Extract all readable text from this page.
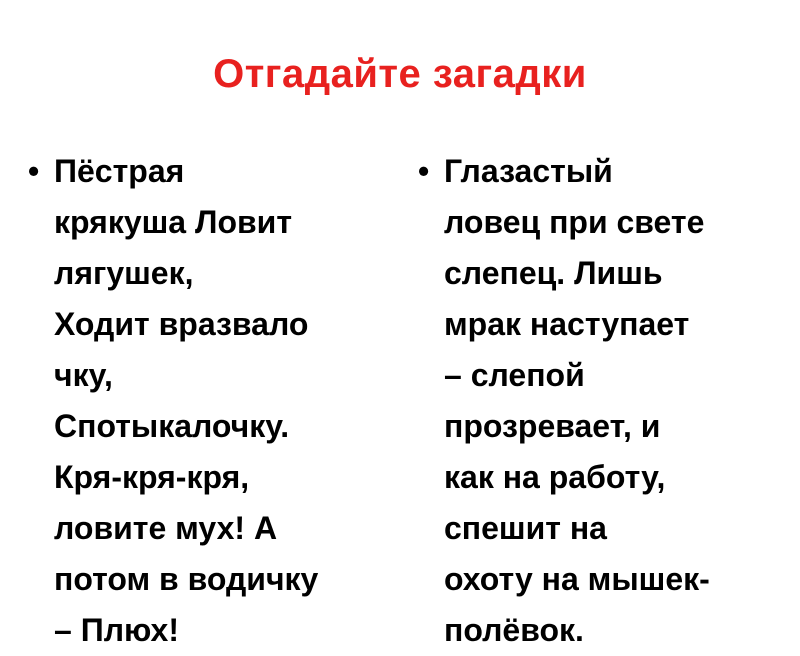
Отгадайте загадки
• Пёстрая
крякуша Ловит
лягушек,
Ходит вразвало
чку,
Спотыкалочку.
Кря-кря-кря,
ловите мух! А
потом в водичку
– Плюх!
• Глазастый
ловец при свете
слепец. Лишь
мрак наступает
– слепой
прозревает, и
как на работу,
спешит на
охоту на мышек-
полёвок.
